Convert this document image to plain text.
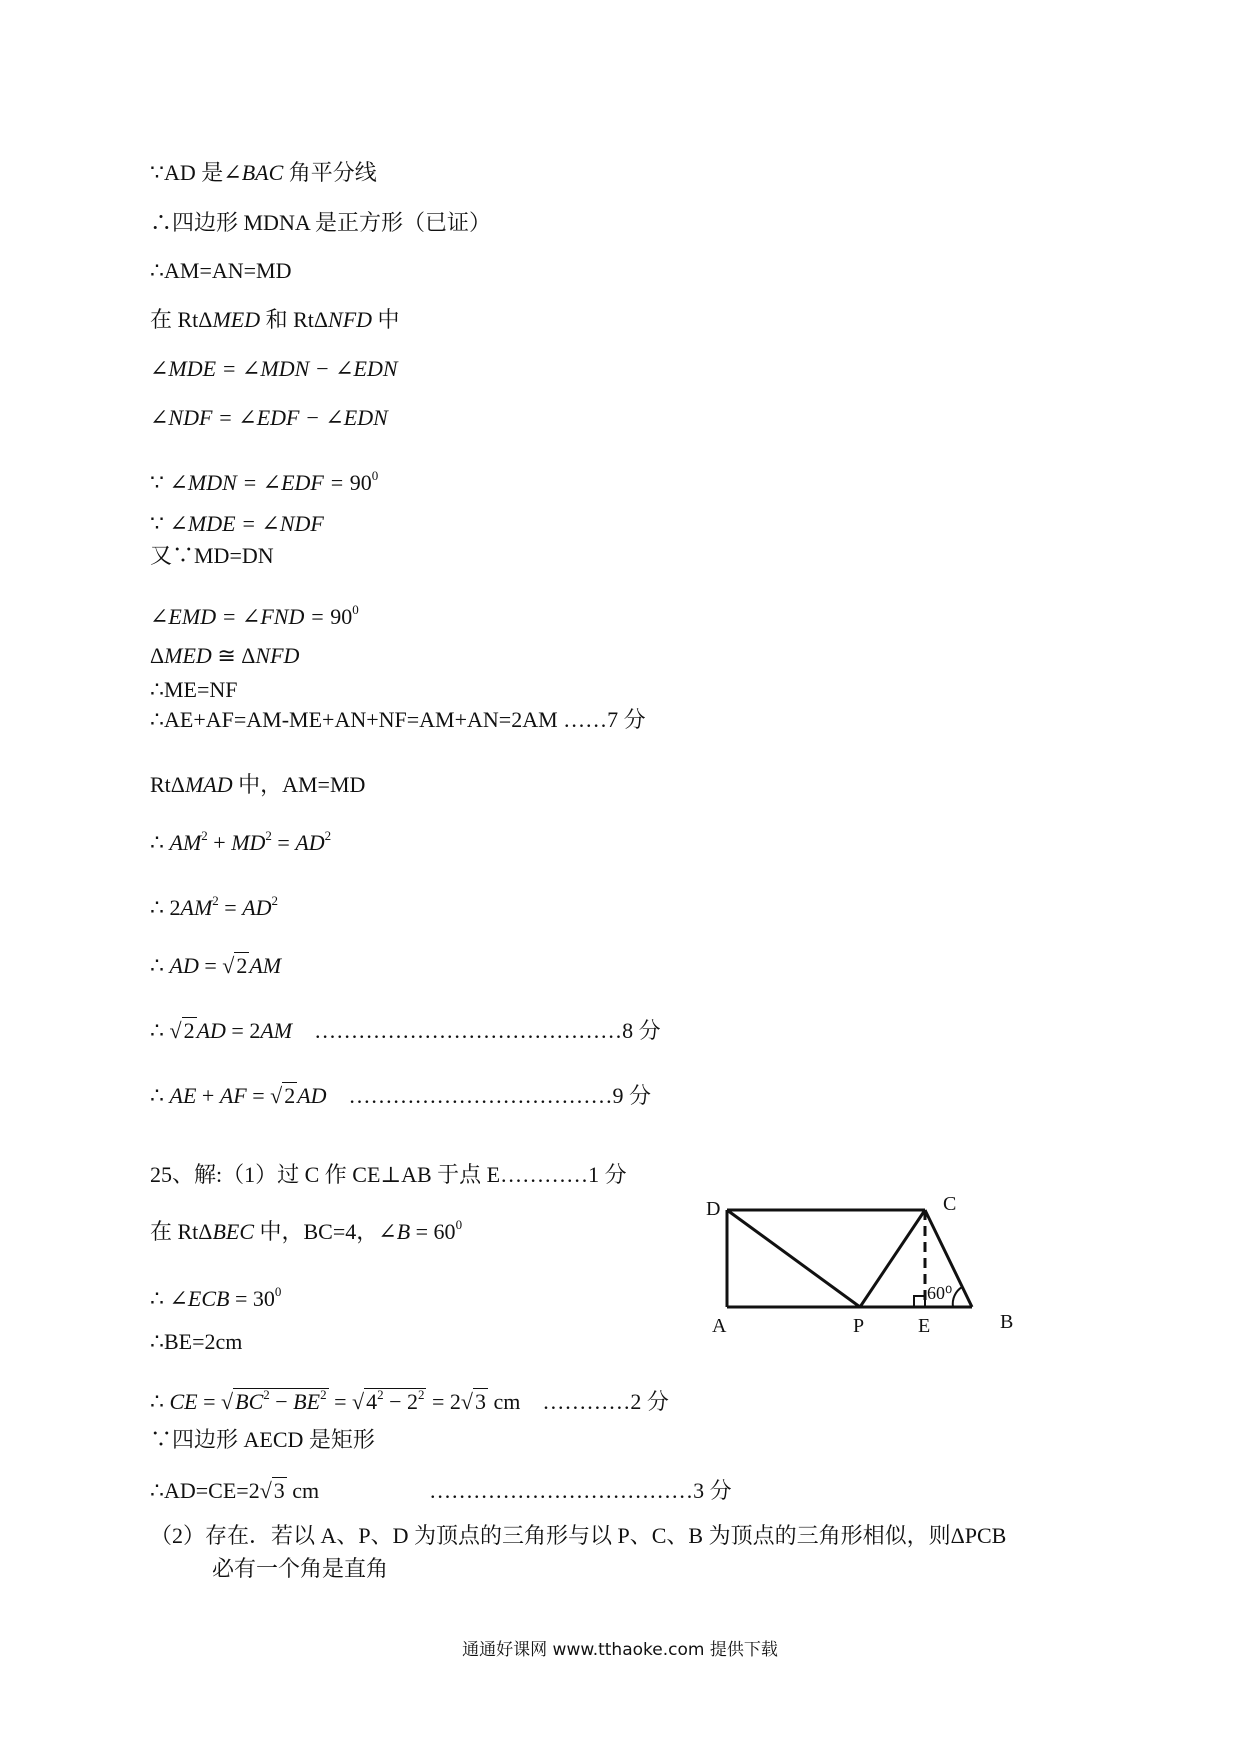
∵AD 是∠BAC 角平分线
∴四边形 MDNA 是正方形（已证）
∴AM=AN=MD
在 RtΔMED 和 RtΔNFD 中
∠MDE = ∠MDN − ∠EDN
∠NDF = ∠EDF − ∠EDN
∵ ∠MDN = ∠EDF = $90^0$
∵ ∠MDE = ∠NDF
又∵MD=DN
∠EMD = ∠FND = $90^0$
ΔMED ≅ ΔNFD
∴ME=NF
∴AE+AF=AM-ME+AN+NF=AM+AN=2AM ……7 分
RtΔMAD 中，AM=MD
∴ $AM^2 + MD^2 = AD^2$
∴ $2AM^2 = AD^2$
∴ AD = √2AM
∴ √2AD = 2AM    ……………………………………8 分
∴ AE + AF = √2AD    ………………………………9 分
25、解:（1）过 C 作 CE⊥AB 于点 E…………1 分
在 RtΔBEC 中，BC=4，∠B = $60^0$
∴ ∠ECB = $30^0$
∴BE=2cm
∴ CE = $√BC^2 - BE^2 = √4^2 - 2^2 = 2√3$ cm    …………2 分
∵四边形 AECD 是矩形
∴AD=CE=2√3 cm	………………………………3 分
（2）存在．若以 A、P、D 为顶点的三角形与以 P、C、B 为顶点的三角形相似，则ΔPCB
必有一个角是直角
D	C
A	P	E	B
60⁰
通通好课网 www.tthaoke.com 提供下载
